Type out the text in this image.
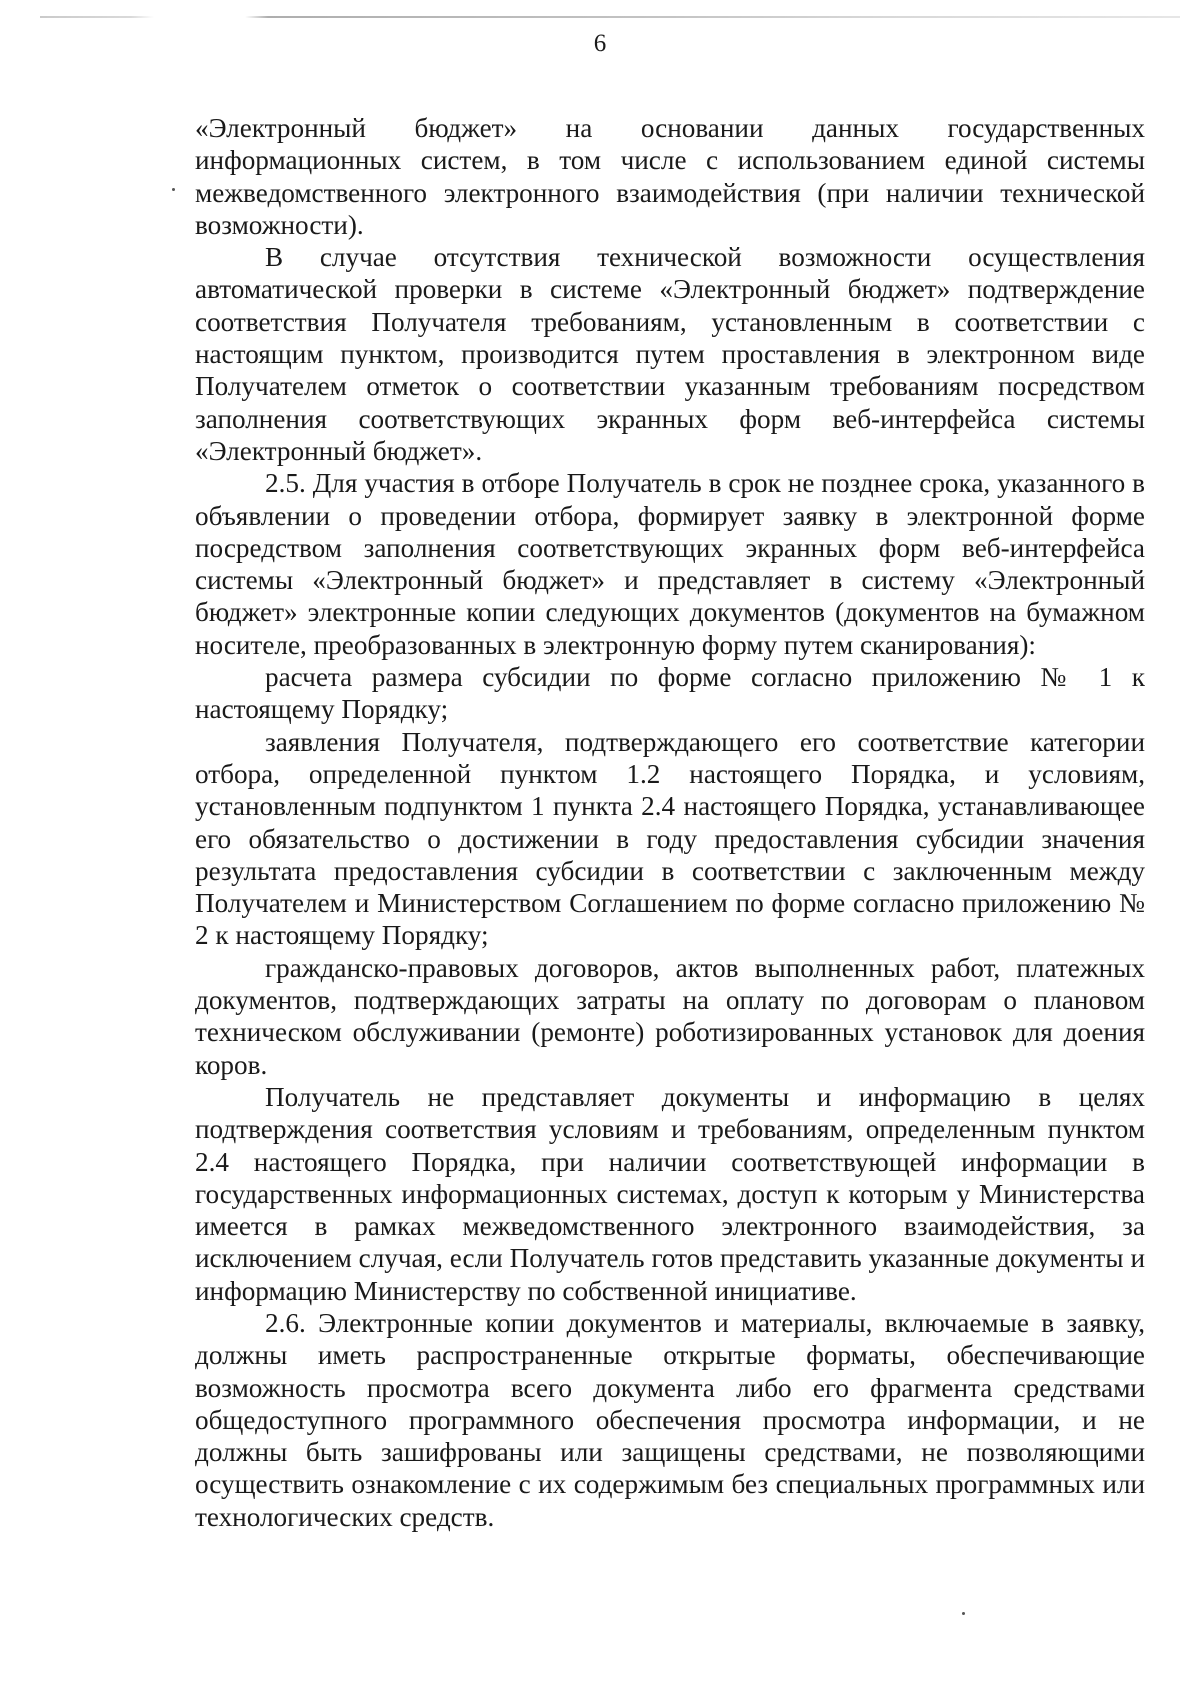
6

«Электронный бюджет» на основании данных государственных информационных систем, в том числе с использованием единой системы межведомственного электронного взаимодействия (при наличии технической возможности).

В случае отсутствия технической возможности осуществления автоматической проверки в системе «Электронный бюджет» подтверждение соответствия Получателя требованиям, установленным в соответствии с настоящим пунктом, производится путем проставления в электронном виде Получателем отметок о соответствии указанным требованиям посредством заполнения соответствующих экранных форм веб-интерфейса системы «Электронный бюджет».

2.5. Для участия в отборе Получатель в срок не позднее срока, указанного в объявлении о проведении отбора, формирует заявку в электронной форме посредством заполнения соответствующих экранных форм веб-интерфейса системы «Электронный бюджет» и представляет в систему «Электронный бюджет» электронные копии следующих документов (документов на бумажном носителе, преобразованных в электронную форму путем сканирования):

расчета размера субсидии по форме согласно приложению № 1 к настоящему Порядку;

заявления Получателя, подтверждающего его соответствие категории отбора, определенной пунктом 1.2 настоящего Порядка, и условиям, установленным подпунктом 1 пункта 2.4 настоящего Порядка, устанавливающее его обязательство о достижении в году предоставления субсидии значения результата предоставления субсидии в соответствии с заключенным между Получателем и Министерством Соглашением по форме согласно приложению № 2 к настоящему Порядку;

гражданско-правовых договоров, актов выполненных работ, платежных документов, подтверждающих затраты на оплату по договорам о плановом техническом обслуживании (ремонте) роботизированных установок для доения коров.

Получатель не представляет документы и информацию в целях подтверждения соответствия условиям и требованиям, определенным пунктом 2.4 настоящего Порядка, при наличии соответствующей информации в государственных информационных системах, доступ к которым у Министерства имеется в рамках межведомственного электронного взаимодействия, за исключением случая, если Получатель готов представить указанные документы и информацию Министерству по собственной инициативе.

2.6. Электронные копии документов и материалы, включаемые в заявку, должны иметь распространенные открытые форматы, обеспечивающие возможность просмотра всего документа либо его фрагмента средствами общедоступного программного обеспечения просмотра информации, и не должны быть зашифрованы или защищены средствами, не позволяющими осуществить ознакомление с их содержимым без специальных программных или технологических средств.
